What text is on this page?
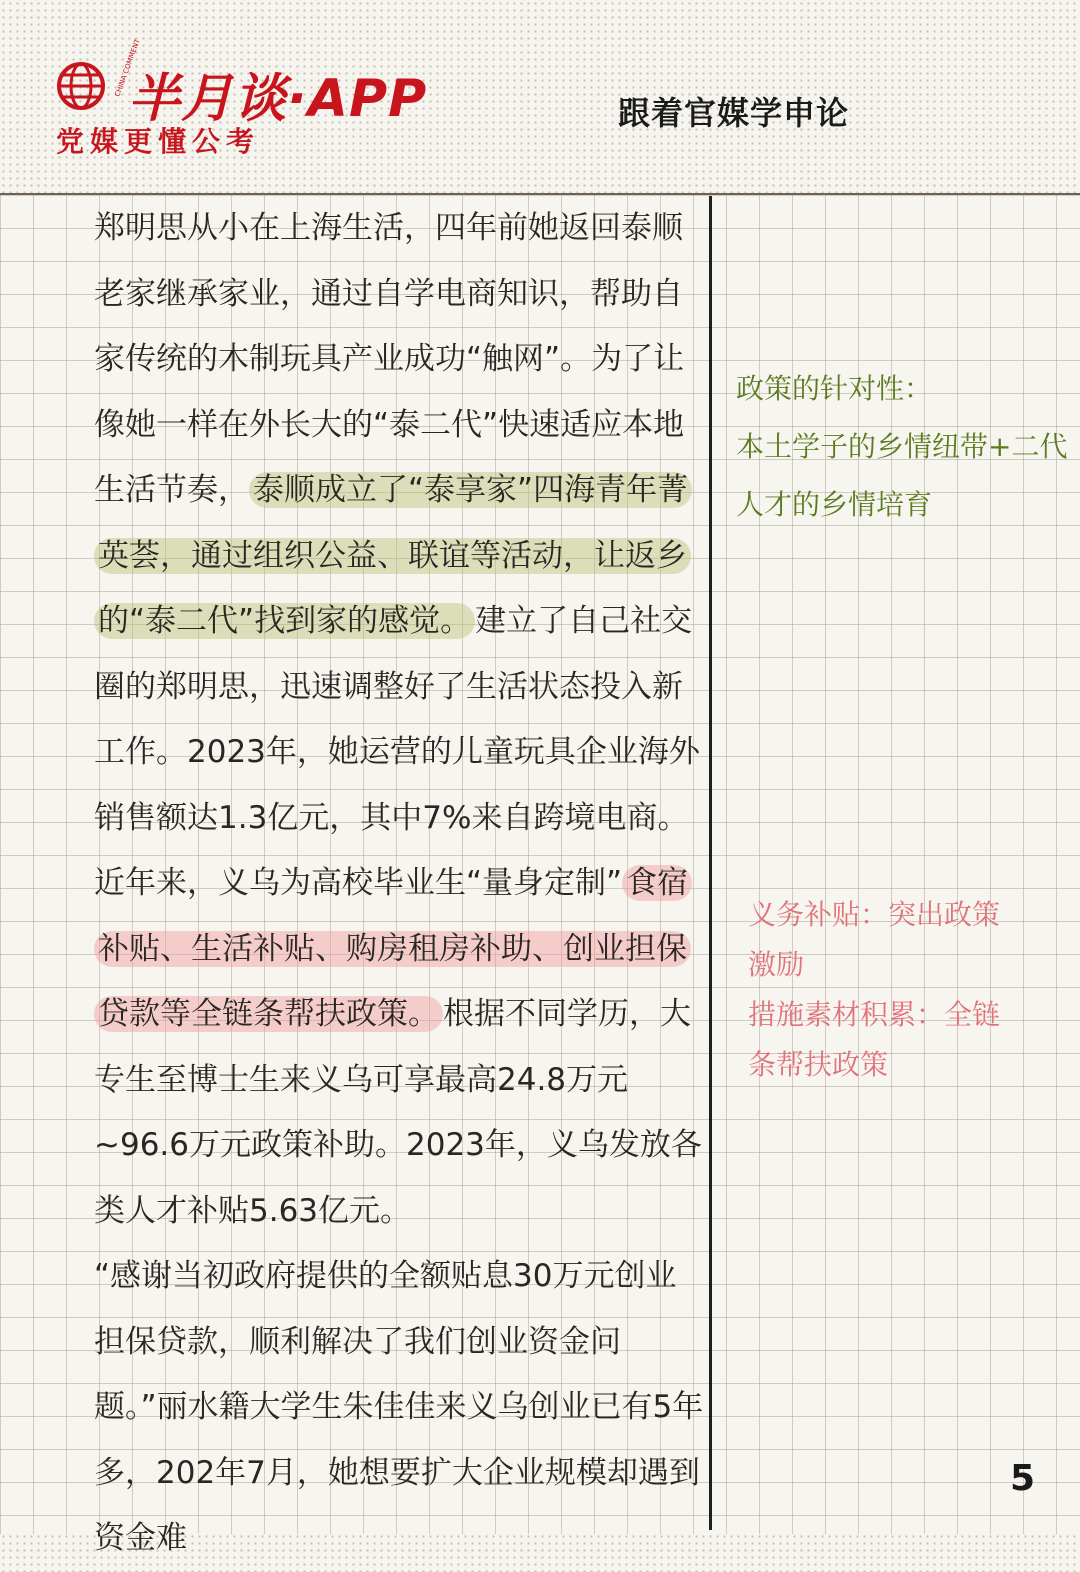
CHINA COMMENT
半月谈·APP
党媒更懂公考
跟着官媒学申论

郑明思从小在上海生活，四年前她返回泰顺老家继承家业，通过自学电商知识，帮助自家传统的木制玩具产业成功“触网”。为了让像她一样在外长大的“泰二代”快速适应本地生活节奏， 泰顺成立了“泰享家”四海青年菁英荟，通过组织公益、联谊等活动，让返乡的“泰二代”找到家的感觉。 建立了自己社交圈的郑明思，迅速调整好了生活状态投入新工作。2023年，她运营的儿童玩具企业海外销售额达1.3亿元，其中7%来自跨境电商。

近年来，义乌为高校毕业生“量身定制” 食宿补贴、生活补贴、购房租房补助、创业担保贷款等全链条帮扶政策。 根据不同学历，大专生至博士生来义乌可享最高24.8万元~96.6万元政策补助。2023年，义乌发放各类人才补贴5.63亿元。

“感谢当初政府提供的全额贴息30万元创业担保贷款，顺利解决了我们创业资金问题。”丽水籍大学生朱佳佳来义乌创业已有5年多，202年7月，她想要扩大企业规模却遇到资金难

政策的针对性：
本土学子的乡情纽带+二代
人才的乡情培育
义务补贴：突出政策
激励
措施素材积累：全链
条帮扶政策
5
